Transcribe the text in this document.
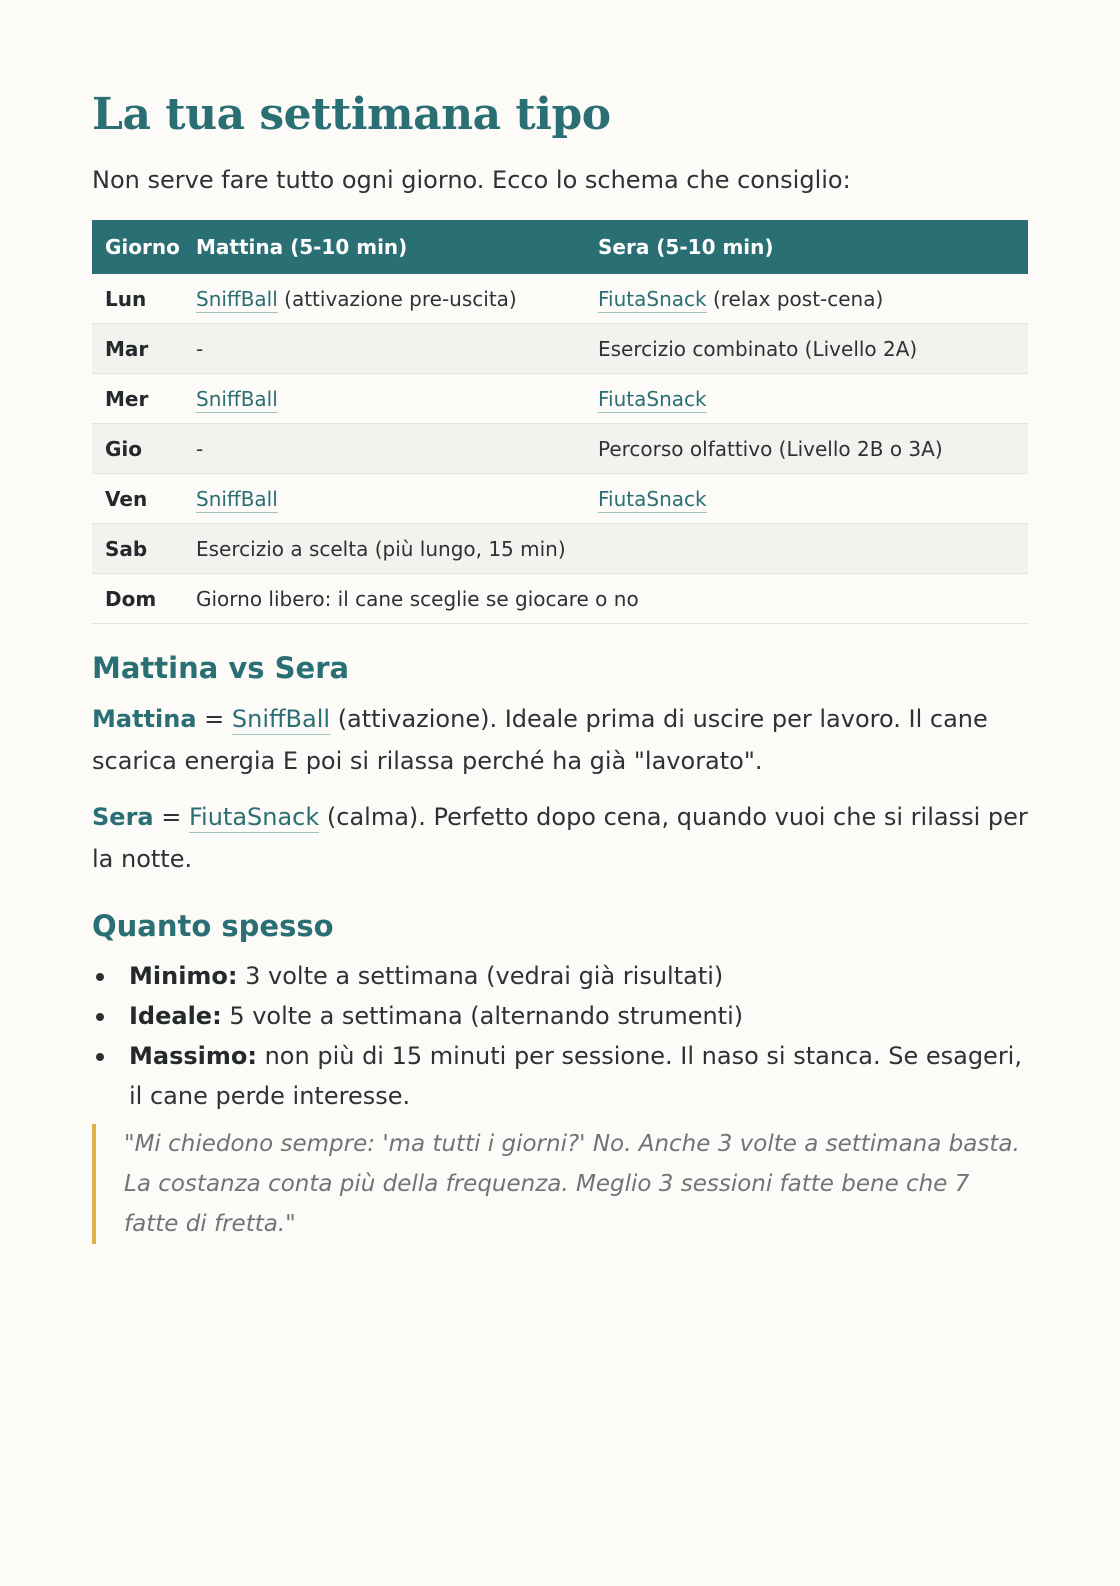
La tua settimana tipo

Non serve fare tutto ogni giorno. Ecco lo schema che consiglio:

Giorno	Mattina (5-10 min)	Sera (5-10 min)
Lun	SniffBall (attivazione pre-uscita)	FiutaSnack (relax post-cena)
Mar	-	Esercizio combinato (Livello 2A)
Mer	SniffBall	FiutaSnack
Gio	-	Percorso olfattivo (Livello 2B o 3A)
Ven	SniffBall	FiutaSnack
Sab	Esercizio a scelta (più lungo, 15 min)	
Dom	Giorno libero: il cane sceglie se giocare o no	
Mattina vs Sera

Mattina = SniffBall (attivazione). Ideale prima di uscire per lavoro. Il cane scarica energia E poi si rilassa perché ha già "lavorato".

Sera = FiutaSnack (calma). Perfetto dopo cena, quando vuoi che si rilassi per la notte.

Quanto spesso
Minimo: 3 volte a settimana (vedrai già risultati)
Ideale: 5 volte a settimana (alternando strumenti)
Massimo: non più di 15 minuti per sessione. Il naso si stanca. Se esageri, il cane perde interesse.
"Mi chiedono sempre: 'ma tutti i giorni?' No. Anche 3 volte a settimana basta. La costanza conta più della frequenza. Meglio 3 sessioni fatte bene che 7 fatte di fretta."
